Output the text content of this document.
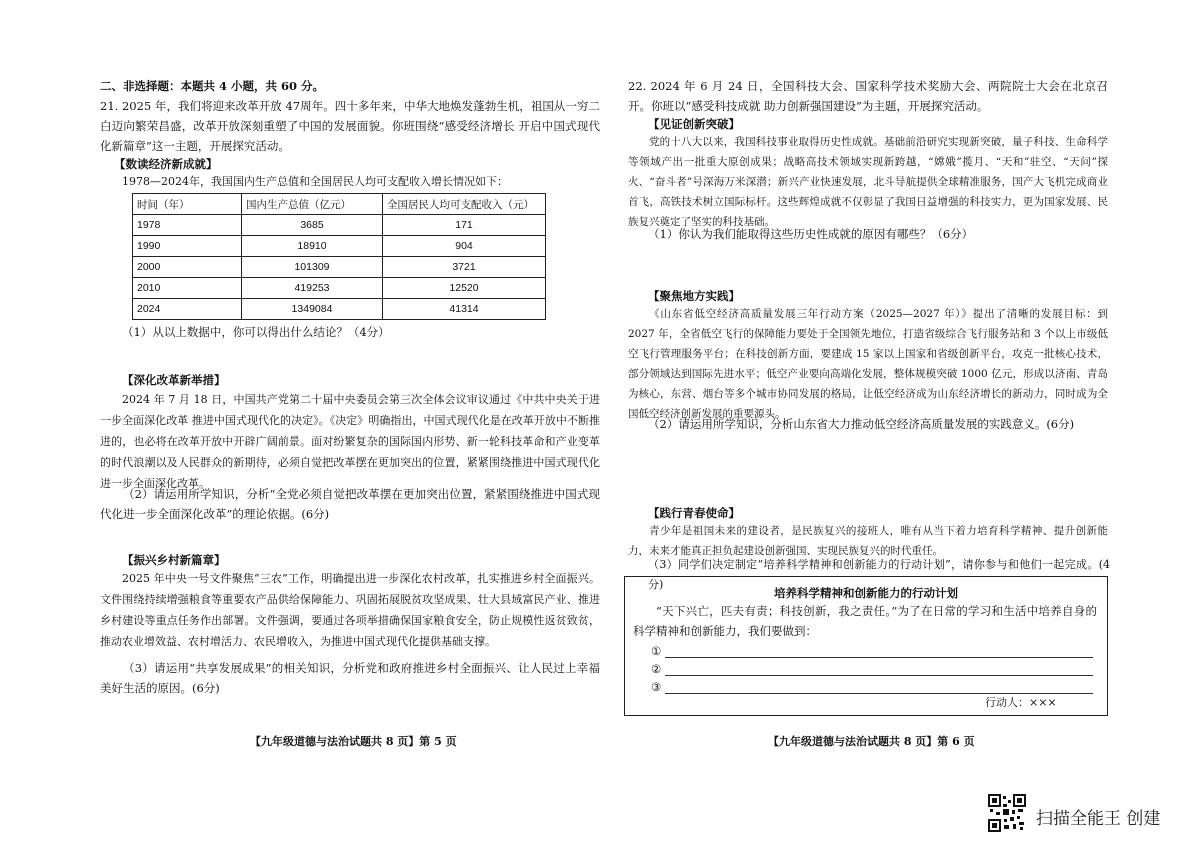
二、非选择题：本题共 4 小题，共 60 分。

21. 2025 年，我们将迎来改革开放 47周年。四十多年来，中华大地焕发蓬勃生机，祖国从一穷二白迈向繁荣昌盛，改革开放深刻重塑了中国的发展面貌。你班围绕“感受经济增长 开启中国式现代化新篇章”这一主题，开展探究活动。

【数读经济新成就】

1978—2024年，我国国内生产总值和全国居民人均可支配收入增长情况如下：

时间（年）	国内生产总值（亿元）	全国居民人均可支配收入（元）
1978	3685	171
1990	18910	904
2000	101309	3721
2010	419253	12520
2024	1349084	41314

（1）从以上数据中，你可以得出什么结论？（4分）

【深化改革新举措】

2024 年 7 月 18 日，中国共产党第二十届中央委员会第三次全体会议审议通过《中共中央关于进一步全面深化改革 推进中国式现代化的决定》。《决定》明确指出，中国式现代化是在改革开放中不断推进的，也必将在改革开放中开辟广阔前景。面对纷繁复杂的国际国内形势、新一轮科技革命和产业变革的时代浪潮以及人民群众的新期待，必须自觉把改革摆在更加突出的位置，紧紧围绕推进中国式现代化进一步全面深化改革。

（2）请运用所学知识，分析“全党必须自觉把改革摆在更加突出位置，紧紧围绕推进中国式现代化进一步全面深化改革”的理论依据。(6分)

【振兴乡村新篇章】

2025 年中央一号文件聚焦“三农”工作，明确提出进一步深化农村改革，扎实推进乡村全面振兴。文件围绕持续增强粮食等重要农产品供给保障能力、巩固拓展脱贫攻坚成果、壮大县域富民产业、推进乡村建设等重点任务作出部署。文件强调，要通过各项举措确保国家粮食安全，防止规模性返贫致贫，推动农业增效益、农村增活力、农民增收入，为推进中国式现代化提供基础支撑。

（3）请运用“共享发展成果”的相关知识，分析党和政府推进乡村全面振兴、让人民过上幸福美好生活的原因。(6分)

【九年级道德与法治试题共 8 页】第 5 页

22. 2024 年 6 月 24 日，全国科技大会、国家科学技术奖励大会、两院院士大会在北京召开。你班以“感受科技成就 助力创新强国建设”为主题，开展探究活动。

【见证创新突破】

党的十八大以来，我国科技事业取得历史性成就。基础前沿研究实现新突破，量子科技、生命科学等领域产出一批重大原创成果；战略高技术领域实现新跨越，“嫦娥”揽月、“天和”驻空、“天问”探火、“奋斗者”号深海万米深潜；新兴产业快速发展，北斗导航提供全球精准服务，国产大飞机完成商业首飞，高铁技术树立国际标杆。这些辉煌成就不仅彰显了我国日益增强的科技实力，更为国家发展、民族复兴奠定了坚实的科技基础。

（1）你认为我们能取得这些历史性成就的原因有哪些？（6分）

【聚焦地方实践】

《山东省低空经济高质量发展三年行动方案（2025—2027 年）》提出了清晰的发展目标：到 2027 年，全省低空飞行的保障能力要处于全国领先地位，打造省级综合飞行服务站和 3 个以上市级低空飞行管理服务平台；在科技创新方面，要建成 15 家以上国家和省级创新平台，攻克一批核心技术，部分领域达到国际先进水平；低空产业要向高端化发展，整体规模突破 1000 亿元，形成以济南、青岛为核心，东营、烟台等多个城市协同发展的格局，让低空经济成为山东经济增长的新动力，同时成为全国低空经济创新发展的重要源头。

（2）请运用所学知识，分析山东省大力推动低空经济高质量发展的实践意义。(6分)

【践行青春使命】

青少年是祖国未来的建设者，是民族复兴的接班人，唯有从当下着力培育科学精神、提升创新能力，未来才能真正担负起建设创新强国、实现民族复兴的时代重任。

（3）同学们决定制定“培养科学精神和创新能力的行动计划”，请你参与和他们一起完成。(4 分)

【九年级道德与法治试题共 8 页】第 6 页
培养科学精神和创新能力的行动计划

“天下兴亡，匹夫有责；科技创新，我之责任。”为了在日常的学习和生活中培养自身的科学精神和创新能力，我们要做到：

①
②
③
行动人：×××
扫描全能王 创建
